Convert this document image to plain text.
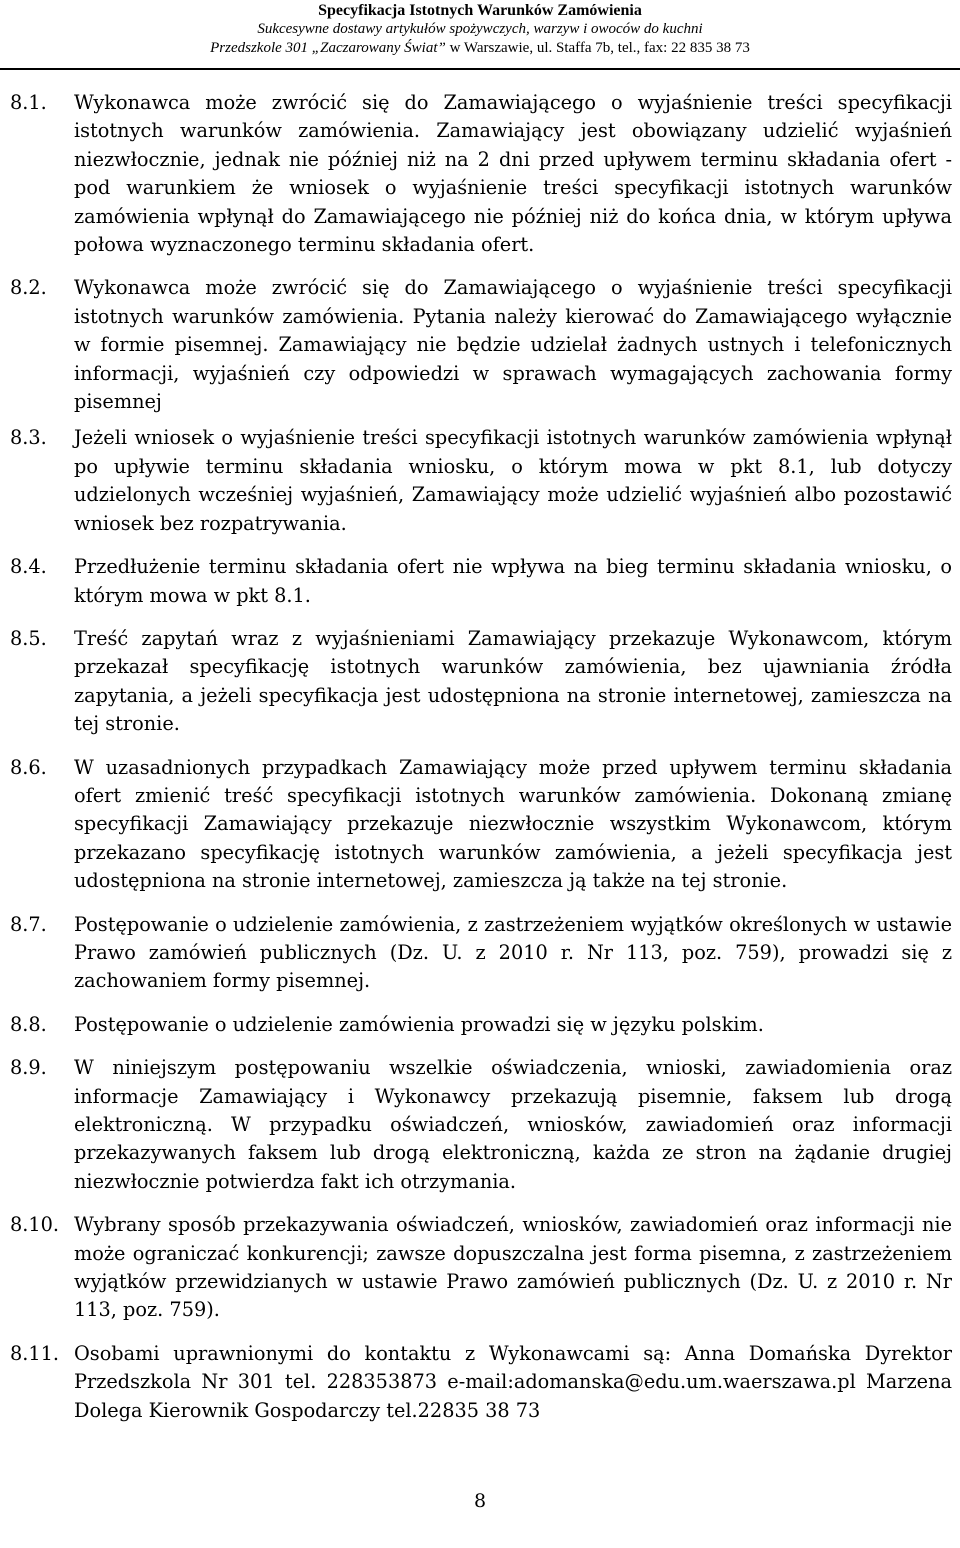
Specyfikacja Istotnych Warunków Zamówienia
Sukcesywne dostawy artykułów spożywczych, warzyw i owoców do kuchni
Przedszkole 301 „Zaczarowany Świat” w Warszawie, ul. Staffa 7b, tel., fax: 22 835 38 73
8.1.	Wykonawca może zwrócić się do Zamawiającego o wyjaśnienie treści specyfikacji istotnych warunków zamówienia. Zamawiający jest obowiązany udzielić wyjaśnień niezwłocznie, jednak nie później niż na 2 dni przed upływem terminu składania ofert - pod warunkiem że wniosek o wyjaśnienie treści specyfikacji istotnych warunków zamówienia wpłynął do Zamawiającego nie później niż do końca dnia, w którym upływa połowa wyznaczonego terminu składania ofert.
8.2.	Wykonawca może zwrócić się do Zamawiającego o wyjaśnienie treści specyfikacji istotnych warunków zamówienia. Pytania należy kierować do Zamawiającego wyłącznie w formie pisemnej. Zamawiający nie będzie udzielał żadnych ustnych i telefonicznych informacji, wyjaśnień czy odpowiedzi w sprawach wymagających zachowania formy pisemnej
8.3.	Jeżeli wniosek o wyjaśnienie treści specyfikacji istotnych warunków zamówienia wpłynął po upływie terminu składania wniosku, o którym mowa w pkt 8.1, lub dotyczy udzielonych wcześniej wyjaśnień, Zamawiający może udzielić wyjaśnień albo pozostawić wniosek bez rozpatrywania.
8.4.	Przedłużenie terminu składania ofert nie wpływa na bieg terminu składania wniosku, o którym mowa w pkt 8.1.
8.5.	Treść zapytań wraz z wyjaśnieniami Zamawiający przekazuje Wykonawcom, którym przekazał specyfikację istotnych warunków zamówienia, bez ujawniania źródła zapytania, a jeżeli specyfikacja jest udostępniona na stronie internetowej, zamieszcza na tej stronie.
8.6.	W uzasadnionych przypadkach Zamawiający może przed upływem terminu składania ofert zmienić treść specyfikacji istotnych warunków zamówienia. Dokonaną zmianę specyfikacji Zamawiający przekazuje niezwłocznie wszystkim Wykonawcom, którym przekazano specyfikację istotnych warunków zamówienia, a jeżeli specyfikacja jest udostępniona na stronie internetowej, zamieszcza ją także na tej stronie.
8.7.	Postępowanie o udzielenie zamówienia, z zastrzeżeniem wyjątków określonych w ustawie Prawo zamówień publicznych (Dz. U. z 2010 r. Nr 113, poz. 759), prowadzi się z zachowaniem formy pisemnej.
8.8.	Postępowanie o udzielenie zamówienia prowadzi się w języku polskim.
8.9.	W niniejszym postępowaniu wszelkie oświadczenia, wnioski, zawiadomienia oraz informacje Zamawiający i Wykonawcy przekazują pisemnie, faksem lub drogą elektroniczną. W przypadku oświadczeń, wniosków, zawiadomień oraz informacji przekazywanych faksem lub drogą elektroniczną, każda ze stron na żądanie drugiej niezwłocznie potwierdza fakt ich otrzymania.
8.10. Wybrany sposób przekazywania oświadczeń, wniosków, zawiadomień oraz informacji nie może ograniczać konkurencji; zawsze dopuszczalna jest forma pisemna, z zastrzeżeniem wyjątków przewidzianych w ustawie Prawo zamówień publicznych (Dz. U. z 2010 r. Nr 113, poz. 759).
8.11. Osobami uprawnionymi do kontaktu z Wykonawcami są: Anna Domańska Dyrektor Przedszkola Nr 301 tel. 228353873 e-mail:adomanska@edu.um.waerszawa.pl Marzena Dolega Kierownik Gospodarczy tel.22835 38 73
8
